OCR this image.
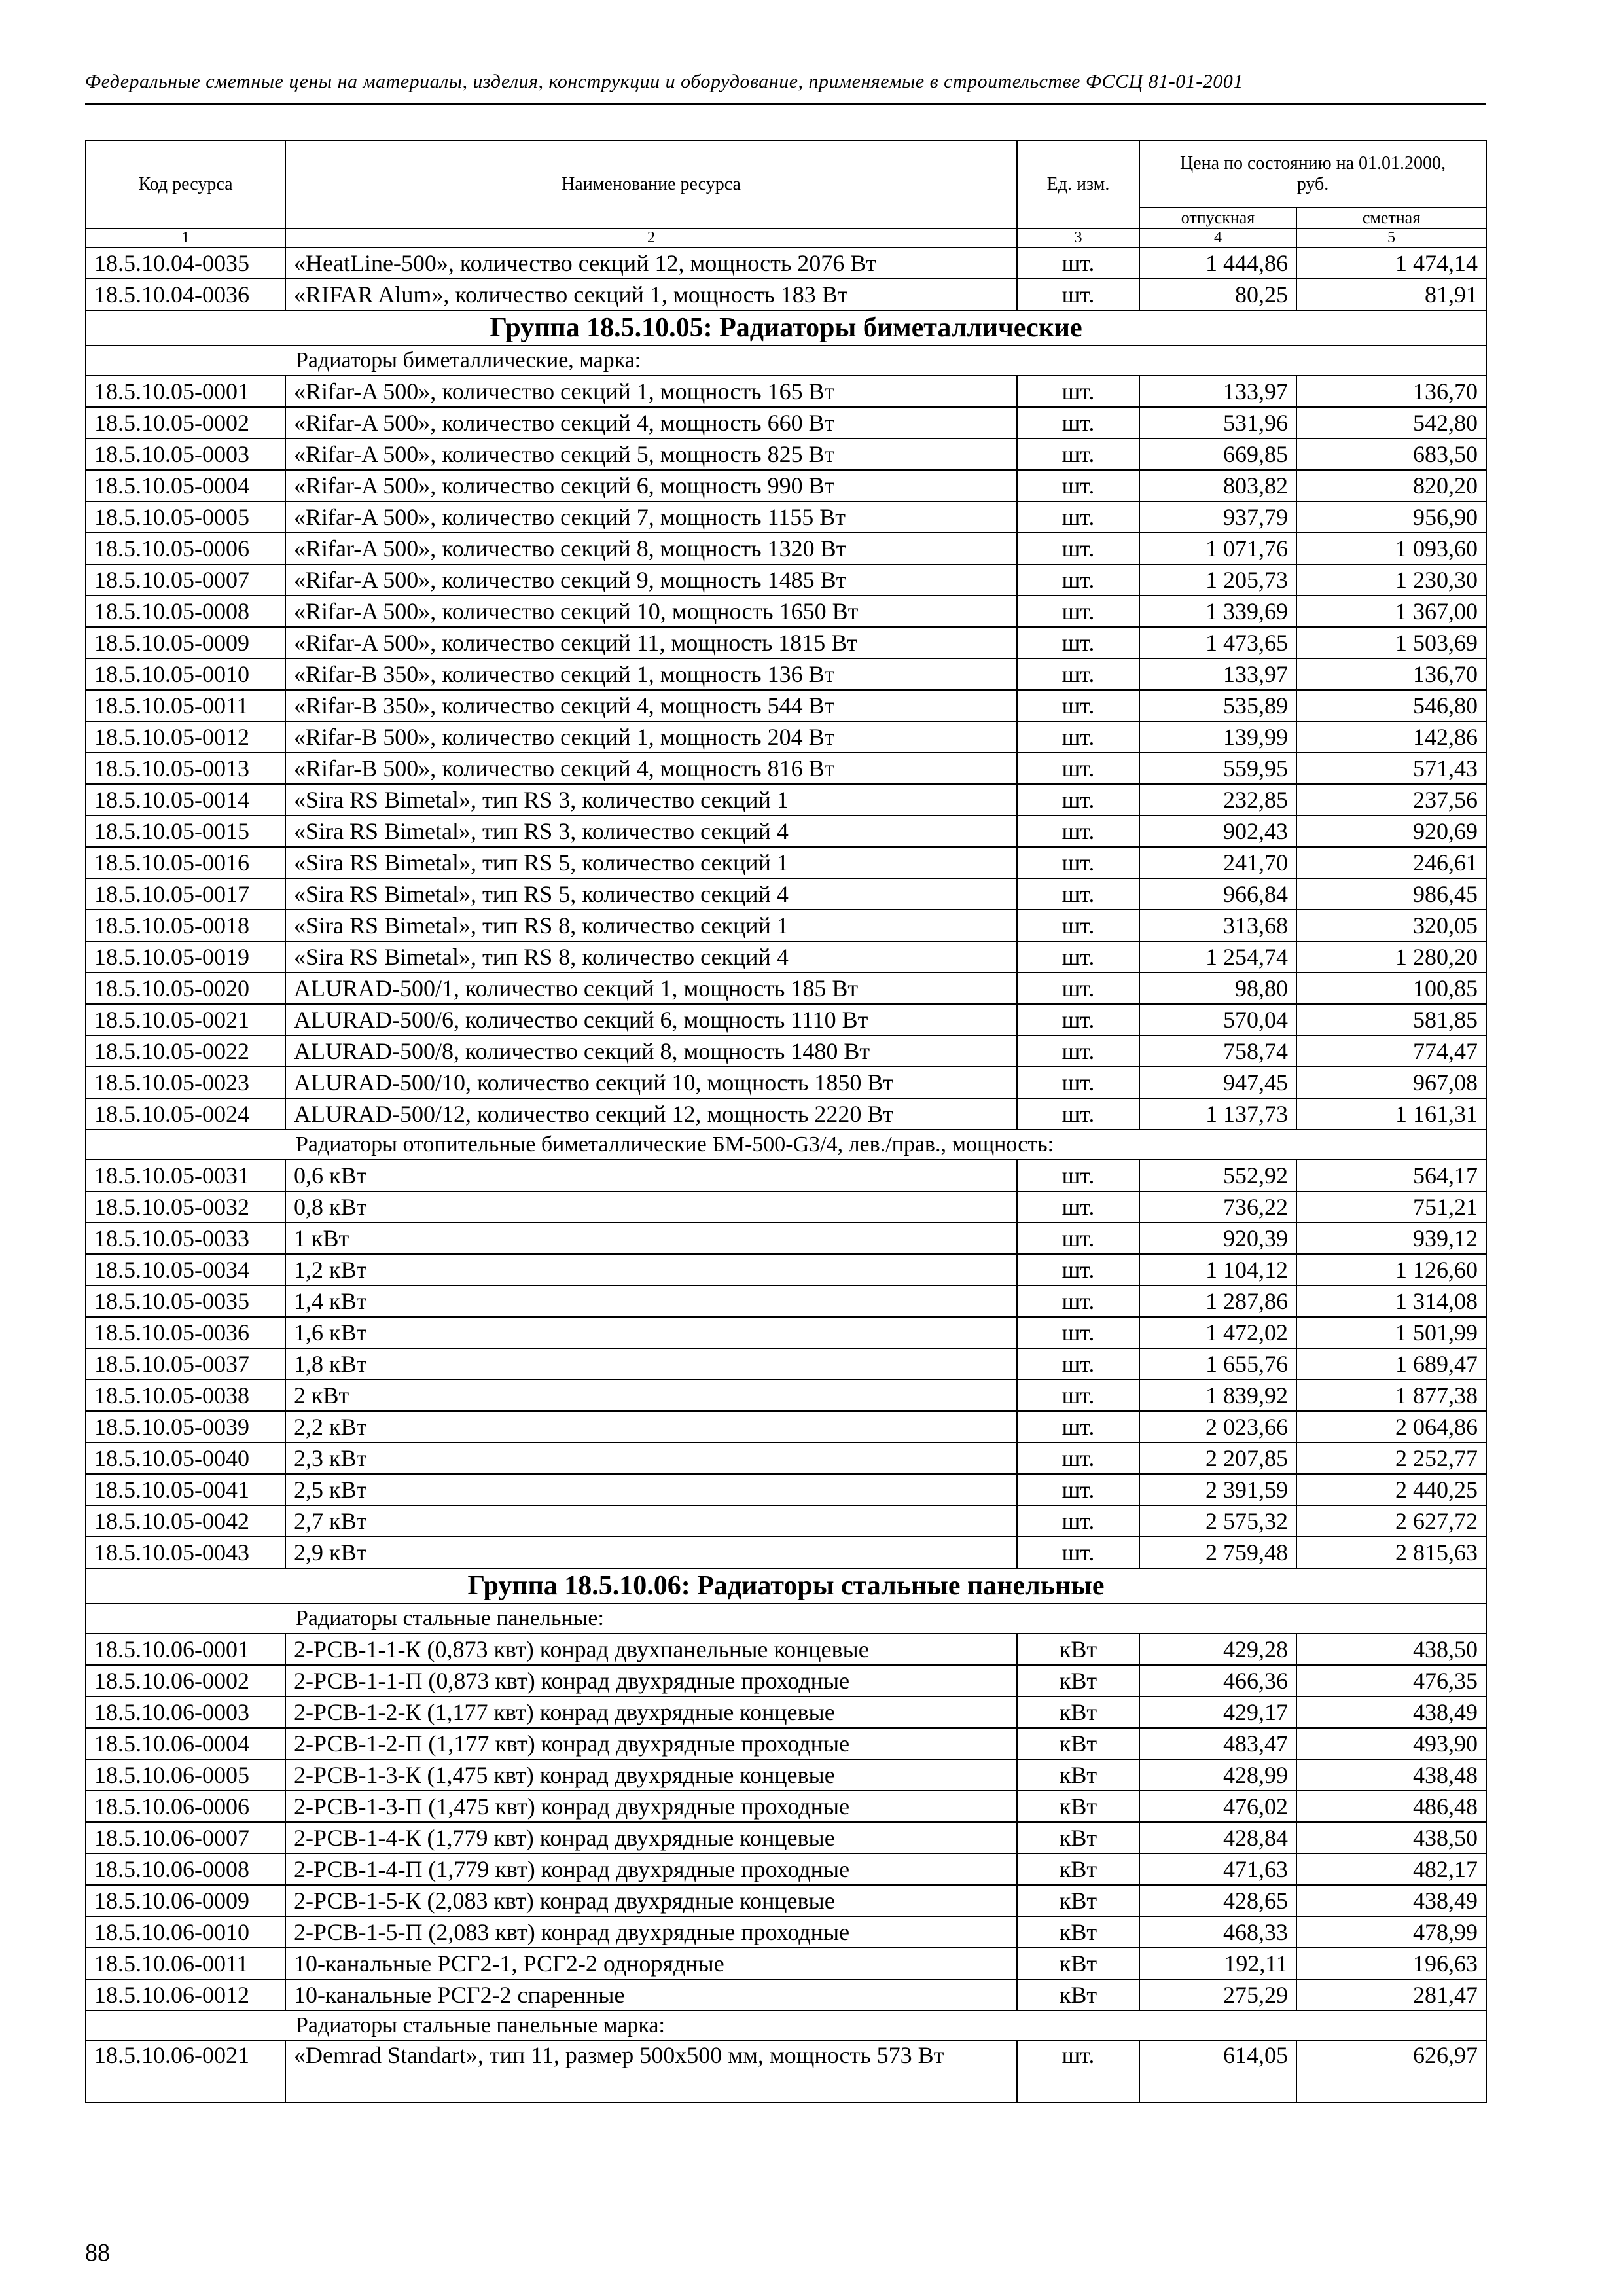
Федеральные сметные цены на материалы, изделия, конструкции и оборудование, применяемые в строительстве ФССЦ 81-01-2001
Код ресурса	Наименование ресурса	Ед. изм.	Цена по состоянию на 01.01.2000, руб.	
			отпускная	сметная
1	2	3	4	5
18.5.10.04-0035	«HeatLine-500», количество секций 12, мощность 2076 Вт	шт.	1 444,86	1 474,14
18.5.10.04-0036	«RIFAR Alum», количество секций 1, мощность 183 Вт	шт.	80,25	81,91
Группа 18.5.10.05: Радиаторы биметаллические				
Радиаторы биметаллические, марка:				
18.5.10.05-0001	«Rifar-A 500», количество секций 1, мощность 165 Вт	шт.	133,97	136,70
18.5.10.05-0002	«Rifar-A 500», количество секций 4, мощность 660 Вт	шт.	531,96	542,80
18.5.10.05-0003	«Rifar-A 500», количество секций 5, мощность 825 Вт	шт.	669,85	683,50
18.5.10.05-0004	«Rifar-A 500», количество секций 6, мощность 990 Вт	шт.	803,82	820,20
18.5.10.05-0005	«Rifar-A 500», количество секций 7, мощность 1155 Вт	шт.	937,79	956,90
18.5.10.05-0006	«Rifar-A 500», количество секций 8, мощность 1320 Вт	шт.	1 071,76	1 093,60
18.5.10.05-0007	«Rifar-A 500», количество секций 9, мощность 1485 Вт	шт.	1 205,73	1 230,30
18.5.10.05-0008	«Rifar-A 500», количество секций 10, мощность 1650 Вт	шт.	1 339,69	1 367,00
18.5.10.05-0009	«Rifar-A 500», количество секций 11, мощность 1815 Вт	шт.	1 473,65	1 503,69
18.5.10.05-0010	«Rifar-B 350», количество секций 1, мощность 136 Вт	шт.	133,97	136,70
18.5.10.05-0011	«Rifar-B 350», количество секций 4, мощность 544 Вт	шт.	535,89	546,80
18.5.10.05-0012	«Rifar-B 500», количество секций 1, мощность 204 Вт	шт.	139,99	142,86
18.5.10.05-0013	«Rifar-B 500», количество секций 4, мощность 816 Вт	шт.	559,95	571,43
18.5.10.05-0014	«Sira RS Bimetal», тип RS 3, количество секций 1	шт.	232,85	237,56
18.5.10.05-0015	«Sira RS Bimetal», тип RS 3, количество секций 4	шт.	902,43	920,69
18.5.10.05-0016	«Sira RS Bimetal», тип RS 5, количество секций 1	шт.	241,70	246,61
18.5.10.05-0017	«Sira RS Bimetal», тип RS 5, количество секций 4	шт.	966,84	986,45
18.5.10.05-0018	«Sira RS Bimetal», тип RS 8, количество секций 1	шт.	313,68	320,05
18.5.10.05-0019	«Sira RS Bimetal», тип RS 8, количество секций 4	шт.	1 254,74	1 280,20
18.5.10.05-0020	ALURAD-500/1, количество секций 1, мощность 185 Вт	шт.	98,80	100,85
18.5.10.05-0021	ALURAD-500/6, количество секций 6, мощность 1110 Вт	шт.	570,04	581,85
18.5.10.05-0022	ALURAD-500/8, количество секций 8, мощность 1480 Вт	шт.	758,74	774,47
18.5.10.05-0023	ALURAD-500/10, количество секций 10, мощность 1850 Вт	шт.	947,45	967,08
18.5.10.05-0024	ALURAD-500/12, количество секций 12, мощность 2220 Вт	шт.	1 137,73	1 161,31
Радиаторы отопительные биметаллические БМ-500-G3/4, лев./прав., мощность:				
18.5.10.05-0031	0,6 кВт	шт.	552,92	564,17
18.5.10.05-0032	0,8 кВт	шт.	736,22	751,21
18.5.10.05-0033	1 кВт	шт.	920,39	939,12
18.5.10.05-0034	1,2 кВт	шт.	1 104,12	1 126,60
18.5.10.05-0035	1,4 кВт	шт.	1 287,86	1 314,08
18.5.10.05-0036	1,6 кВт	шт.	1 472,02	1 501,99
18.5.10.05-0037	1,8 кВт	шт.	1 655,76	1 689,47
18.5.10.05-0038	2 кВт	шт.	1 839,92	1 877,38
18.5.10.05-0039	2,2 кВт	шт.	2 023,66	2 064,86
18.5.10.05-0040	2,3 кВт	шт.	2 207,85	2 252,77
18.5.10.05-0041	2,5 кВт	шт.	2 391,59	2 440,25
18.5.10.05-0042	2,7 кВт	шт.	2 575,32	2 627,72
18.5.10.05-0043	2,9 кВт	шт.	2 759,48	2 815,63
Группа 18.5.10.06: Радиаторы стальные панельные				
Радиаторы стальные панельные:				
18.5.10.06-0001	2-РСВ-1-1-К (0,873 квт) конрад двухпанельные концевые	кВт	429,28	438,50
18.5.10.06-0002	2-РСВ-1-1-П (0,873 квт) конрад двухрядные проходные	кВт	466,36	476,35
18.5.10.06-0003	2-РСВ-1-2-К (1,177 квт) конрад двухрядные концевые	кВт	429,17	438,49
18.5.10.06-0004	2-РСВ-1-2-П (1,177 квт) конрад двухрядные проходные	кВт	483,47	493,90
18.5.10.06-0005	2-РСВ-1-3-К (1,475 квт) конрад двухрядные концевые	кВт	428,99	438,48
18.5.10.06-0006	2-РСВ-1-3-П (1,475 квт) конрад двухрядные проходные	кВт	476,02	486,48
18.5.10.06-0007	2-РСВ-1-4-К (1,779 квт) конрад двухрядные концевые	кВт	428,84	438,50
18.5.10.06-0008	2-РСВ-1-4-П (1,779 квт) конрад двухрядные проходные	кВт	471,63	482,17
18.5.10.06-0009	2-РСВ-1-5-К (2,083 квт) конрад двухрядные концевые	кВт	428,65	438,49
18.5.10.06-0010	2-РСВ-1-5-П (2,083 квт) конрад двухрядные проходные	кВт	468,33	478,99
18.5.10.06-0011	10-канальные РСГ2-1, РСГ2-2 однорядные	кВт	192,11	196,63
18.5.10.06-0012	10-канальные РСГ2-2 спаренные	кВт	275,29	281,47
Радиаторы стальные панельные марка:				
18.5.10.06-0021	«Demrad Standart», тип 11, размер 500х500 мм, мощность 573 Вт	шт.	614,05	626,97
88
